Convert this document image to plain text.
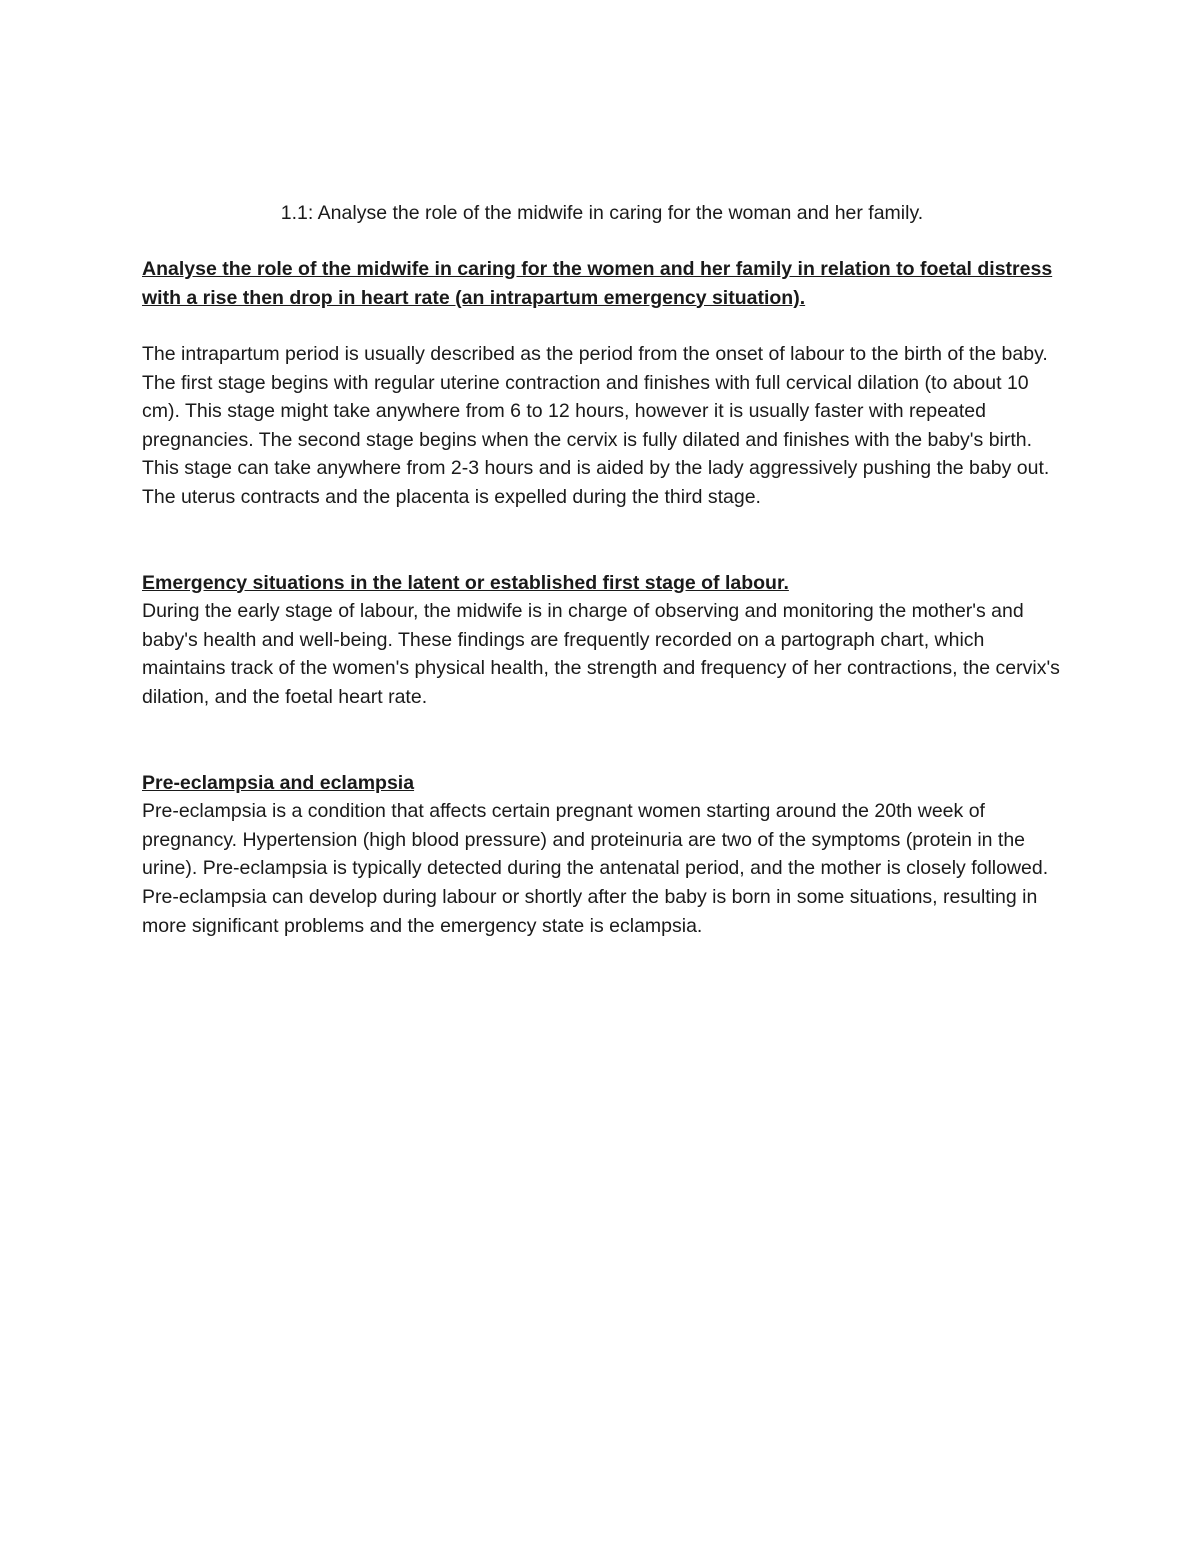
1.1: Analyse the role of the midwife in caring for the woman and her family.

Analyse the role of the midwife in caring for the women and her family in relation to foetal distress with a rise then drop in heart rate (an intrapartum emergency situation).

The intrapartum period is usually described as the period from the onset of labour to the birth of the baby. The first stage begins with regular uterine contraction and finishes with full cervical dilation (to about 10 cm). This stage might take anywhere from 6 to 12 hours, however it is usually faster with repeated pregnancies. The second stage begins when the cervix is fully dilated and finishes with the baby's birth. This stage can take anywhere from 2-3 hours and is aided by the lady aggressively pushing the baby out. The uterus contracts and the placenta is expelled during the third stage.

Emergency situations in the latent or established first stage of labour.

During the early stage of labour, the midwife is in charge of observing and monitoring the mother's and baby's health and well-being. These findings are frequently recorded on a partograph chart, which maintains track of the women's physical health, the strength and frequency of her contractions, the cervix's dilation, and the foetal heart rate.

Pre-eclampsia and eclampsia

Pre-eclampsia is a condition that affects certain pregnant women starting around the 20th week of pregnancy. Hypertension (high blood pressure) and proteinuria are two of the symptoms (protein in the urine). Pre-eclampsia is typically detected during the antenatal period, and the mother is closely followed. Pre-eclampsia can develop during labour or shortly after the baby is born in some situations, resulting in more significant problems and the emergency state is eclampsia.
